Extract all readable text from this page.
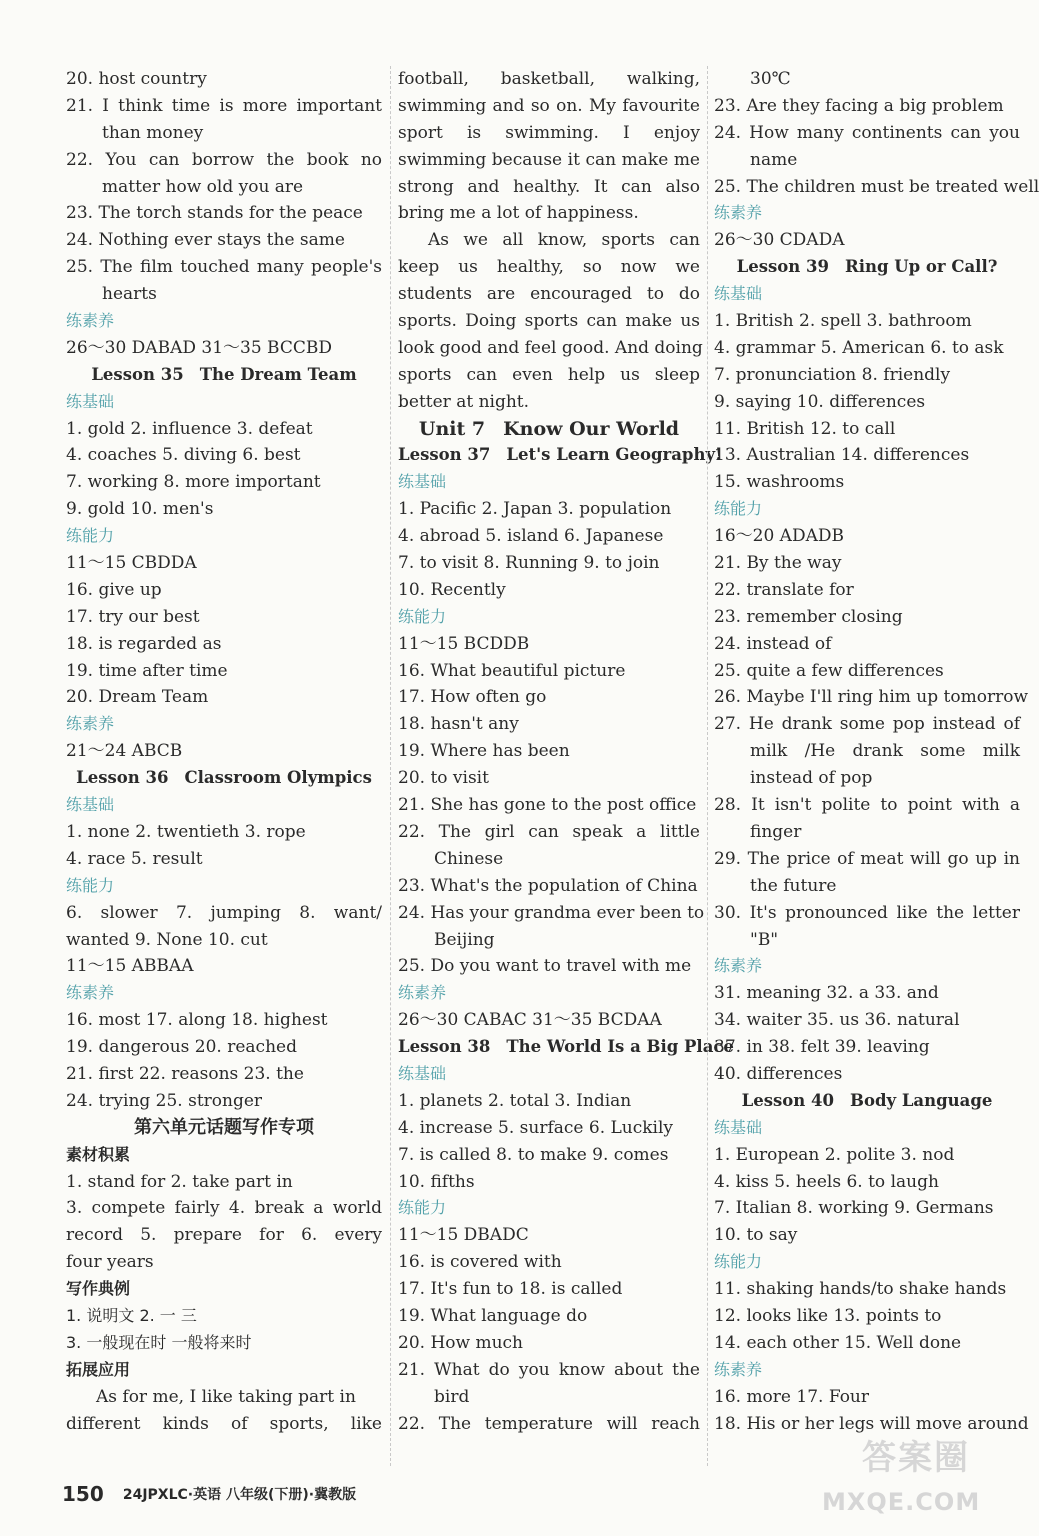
20. host country
21. I think time is more important
than money
22. You can borrow the book no
matter how old you are
23. The torch stands for the peace
24. Nothing ever stays the same
25. The film touched many people's
hearts
练素养
26～30 DABAD 31～35 BCCBD
Lesson 35 The Dream Team
练基础
1. gold 2. influence 3. defeat
4. coaches 5. diving 6. best
7. working 8. more important
9. gold 10. men's
练能力
11～15 CBDDA
16. give up
17. try our best
18. is regarded as
19. time after time
20. Dream Team
练素养
21～24 ABCB
Lesson 36 Classroom Olympics
练基础
1. none 2. twentieth 3. rope
4. race 5. result
练能力
6. slower 7. jumping 8. want/
wanted 9. None 10. cut
11～15 ABBAA
练素养
16. most 17. along 18. highest
19. dangerous 20. reached
21. first 22. reasons 23. the
24. trying 25. stronger
第六单元话题写作专项
素材积累
1. stand for 2. take part in
3. compete fairly 4. break a world
record 5. prepare for 6. every
four years
写作典例
1. 说明文 2. 一 三
3. 一般现在时 一般将来时
拓展应用
As for me, I like taking part in
different kinds of sports, like
football, basketball, walking,
swimming and so on. My favourite
sport is swimming. I enjoy
swimming because it can make me
strong and healthy. It can also
bring me a lot of happiness.
As we all know, sports can
keep us healthy, so now we
students are encouraged to do
sports. Doing sports can make us
look good and feel good. And doing
sports can even help us sleep
better at night.
Unit 7 Know Our World
Lesson 37 Let's Learn Geography!
练基础
1. Pacific 2. Japan 3. population
4. abroad 5. island 6. Japanese
7. to visit 8. Running 9. to join
10. Recently
练能力
11～15 BCDDB
16. What beautiful picture
17. How often go
18. hasn't any
19. Where has been
20. to visit
21. She has gone to the post office
22. The girl can speak a little
Chinese
23. What's the population of China
24. Has your grandma ever been to
Beijing
25. Do you want to travel with me
练素养
26～30 CABAC 31～35 BCDAA
Lesson 38 The World Is a Big Place
练基础
1. planets 2. total 3. Indian
4. increase 5. surface 6. Luckily
7. is called 8. to make 9. comes
10. fifths
练能力
11～15 DBADC
16. is covered with
17. It's fun to 18. is called
19. What language do
20. How much
21. What do you know about the
bird
22. The temperature will reach
30℃
23. Are they facing a big problem
24. How many continents can you
name
25. The children must be treated well
练素养
26～30 CDADA
Lesson 39 Ring Up or Call?
练基础
1. British 2. spell 3. bathroom
4. grammar 5. American 6. to ask
7. pronunciation 8. friendly
9. saying 10. differences
11. British 12. to call
13. Australian 14. differences
15. washrooms
练能力
16～20 ADADB
21. By the way
22. translate for
23. remember closing
24. instead of
25. quite a few differences
26. Maybe I'll ring him up tomorrow
27. He drank some pop instead of
milk /He drank some milk
instead of pop
28. It isn't polite to point with a
finger
29. The price of meat will go up in
the future
30. It's pronounced like the letter
"B"
练素养
31. meaning 32. a 33. and
34. waiter 35. us 36. natural
37. in 38. felt 39. leaving
40. differences
Lesson 40 Body Language
练基础
1. European 2. polite 3. nod
4. kiss 5. heels 6. to laugh
7. Italian 8. working 9. Germans
10. to say
练能力
11. shaking hands/to shake hands
12. looks like 13. points to
14. each other 15. Well done
练素养
16. more 17. Four
18. His or her legs will move around
150 24JPXLC·英语 八年级(下册)·冀教版
答案圈
MXQE.COM
